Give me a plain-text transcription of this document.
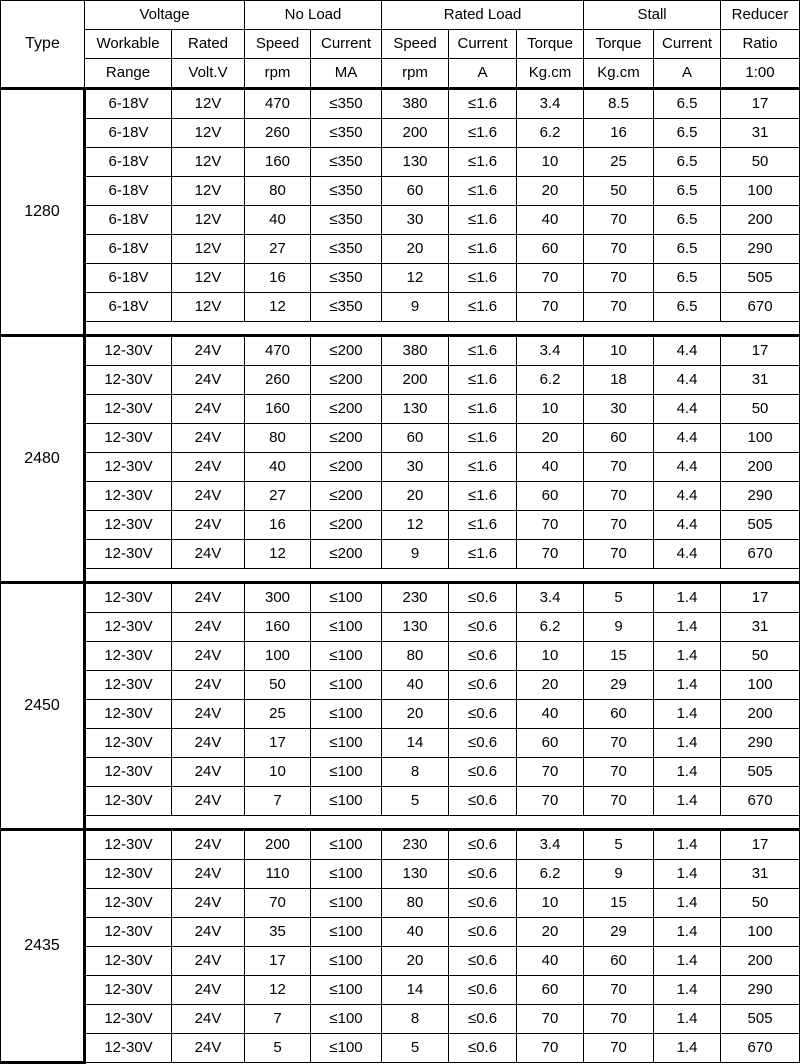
Type	Voltage		No Load		Rated Load			Stall		Reducer
	Workable	Rated	Speed	Current	Speed	Current	Torque	Torque	Current	Ratio
	Range	Volt.V	rpm	MA	rpm	A	Kg.cm	Kg.cm	A	1:00
1280	6-18V	12V	470	≤350	380	≤1.6	3.4	8.5	6.5	17
	6-18V	12V	260	≤350	200	≤1.6	6.2	16	6.5	31
	6-18V	12V	160	≤350	130	≤1.6	10	25	6.5	50
	6-18V	12V	80	≤350	60	≤1.6	20	50	6.5	100
	6-18V	12V	40	≤350	30	≤1.6	40	70	6.5	200
	6-18V	12V	27	≤350	20	≤1.6	60	70	6.5	290
	6-18V	12V	16	≤350	12	≤1.6	70	70	6.5	505
	6-18V	12V	12	≤350	9	≤1.6	70	70	6.5	670

2480	12-30V	24V	470	≤200	380	≤1.6	3.4	10	4.4	17
	12-30V	24V	260	≤200	200	≤1.6	6.2	18	4.4	31
	12-30V	24V	160	≤200	130	≤1.6	10	30	4.4	50
	12-30V	24V	80	≤200	60	≤1.6	20	60	4.4	100
	12-30V	24V	40	≤200	30	≤1.6	40	70	4.4	200
	12-30V	24V	27	≤200	20	≤1.6	60	70	4.4	290
	12-30V	24V	16	≤200	12	≤1.6	70	70	4.4	505
	12-30V	24V	12	≤200	9	≤1.6	70	70	4.4	670

2450	12-30V	24V	300	≤100	230	≤0.6	3.4	5	1.4	17
	12-30V	24V	160	≤100	130	≤0.6	6.2	9	1.4	31
	12-30V	24V	100	≤100	80	≤0.6	10	15	1.4	50
	12-30V	24V	50	≤100	40	≤0.6	20	29	1.4	100
	12-30V	24V	25	≤100	20	≤0.6	40	60	1.4	200
	12-30V	24V	17	≤100	14	≤0.6	60	70	1.4	290
	12-30V	24V	10	≤100	8	≤0.6	70	70	1.4	505
	12-30V	24V	7	≤100	5	≤0.6	70	70	1.4	670

2435	12-30V	24V	200	≤100	230	≤0.6	3.4	5	1.4	17
	12-30V	24V	110	≤100	130	≤0.6	6.2	9	1.4	31
	12-30V	24V	70	≤100	80	≤0.6	10	15	1.4	50
	12-30V	24V	35	≤100	40	≤0.6	20	29	1.4	100
	12-30V	24V	17	≤100	20	≤0.6	40	60	1.4	200
	12-30V	24V	12	≤100	14	≤0.6	60	70	1.4	290
	12-30V	24V	7	≤100	8	≤0.6	70	70	1.4	505
	12-30V	24V	5	≤100	5	≤0.6	70	70	1.4	670
